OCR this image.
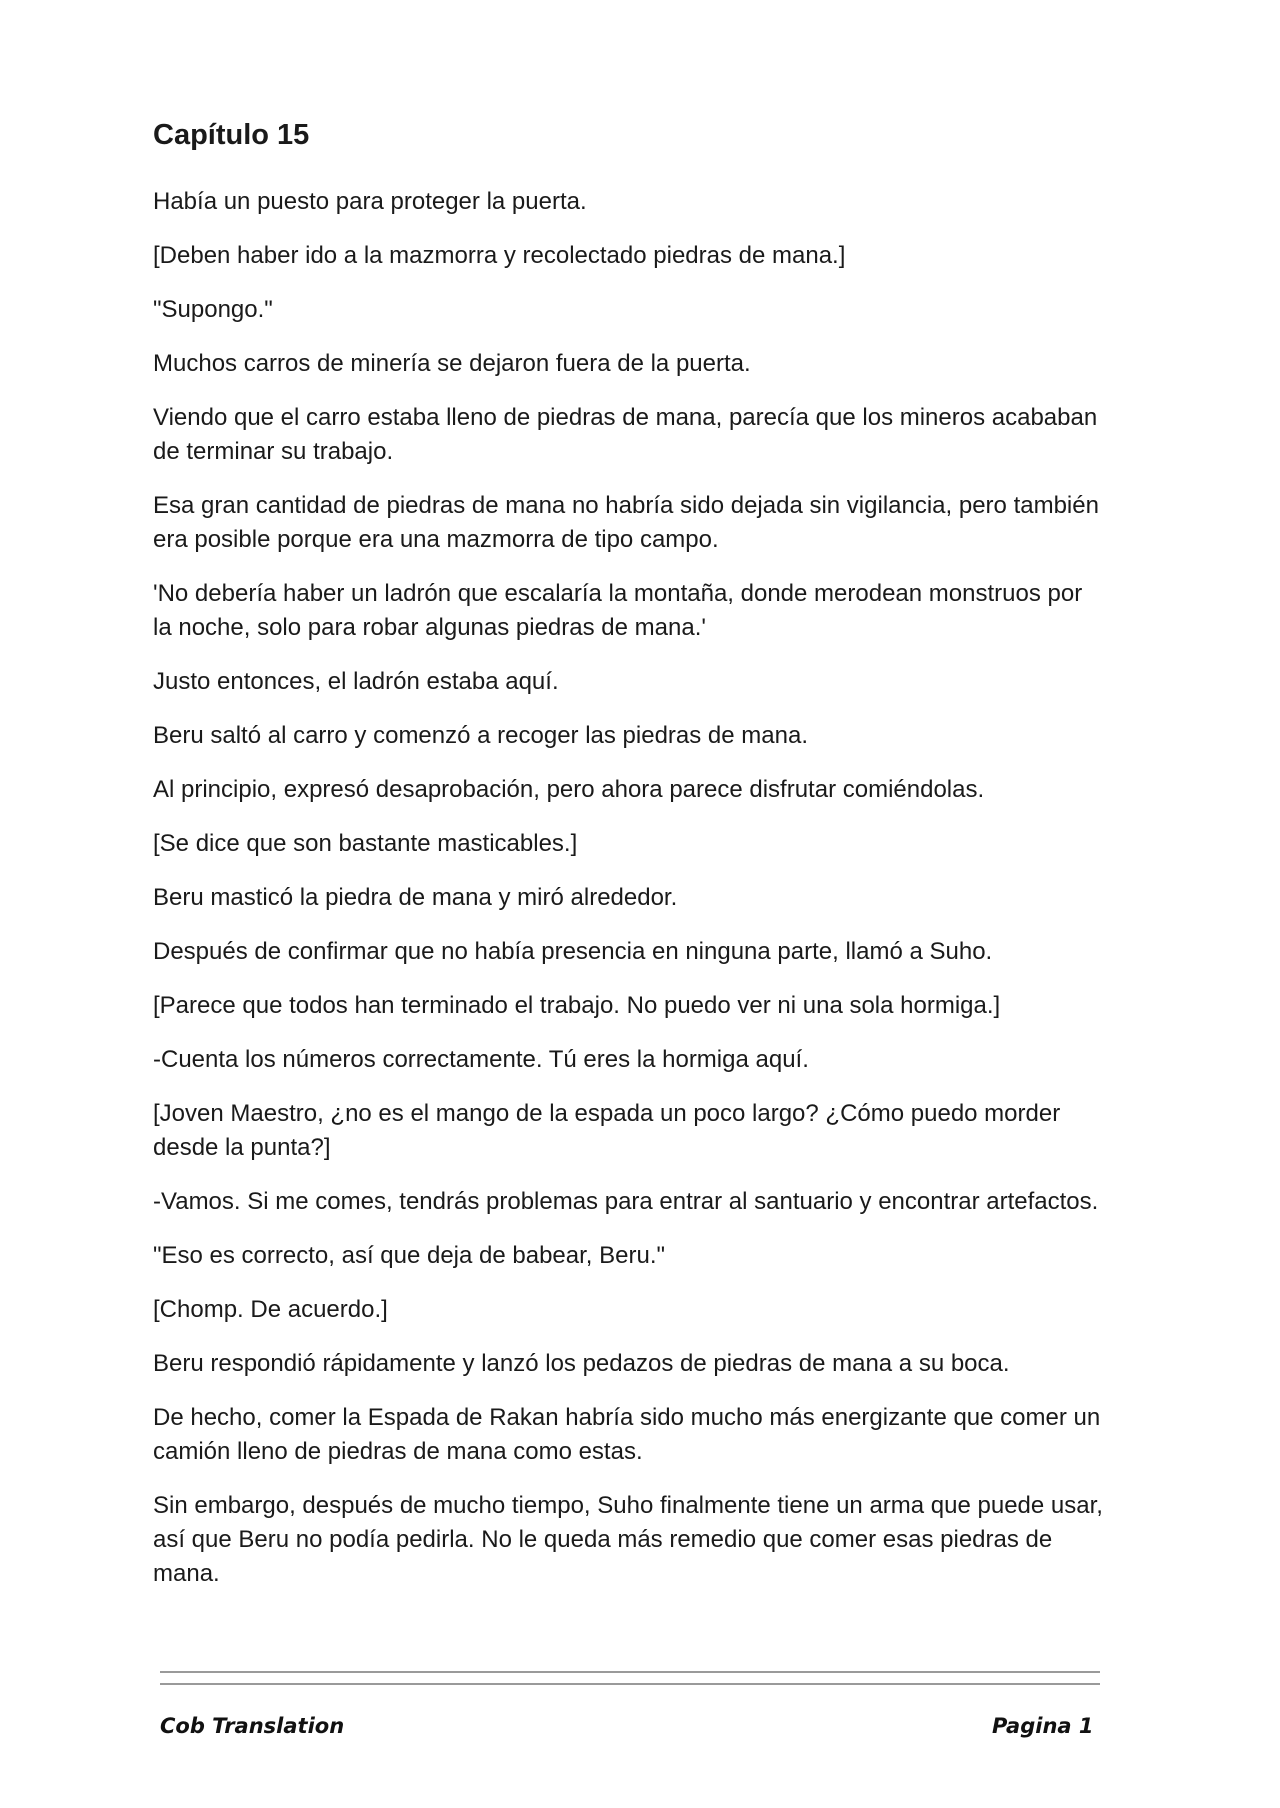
Capítulo 15

Había un puesto para proteger la puerta.

[Deben haber ido a la mazmorra y recolectado piedras de mana.]

"Supongo."

Muchos carros de minería se dejaron fuera de la puerta.

Viendo que el carro estaba lleno de piedras de mana, parecía que los mineros acababan de terminar su trabajo.

Esa gran cantidad de piedras de mana no habría sido dejada sin vigilancia, pero también era posible porque era una mazmorra de tipo campo.

'No debería haber un ladrón que escalaría la montaña, donde merodean monstruos por la noche, solo para robar algunas piedras de mana.'

Justo entonces, el ladrón estaba aquí.

Beru saltó al carro y comenzó a recoger las piedras de mana.

Al principio, expresó desaprobación, pero ahora parece disfrutar comiéndolas.

[Se dice que son bastante masticables.]

Beru masticó la piedra de mana y miró alrededor.

Después de confirmar que no había presencia en ninguna parte, llamó a Suho.

[Parece que todos han terminado el trabajo. No puedo ver ni una sola hormiga.]

-Cuenta los números correctamente. Tú eres la hormiga aquí.

[Joven Maestro, ¿no es el mango de la espada un poco largo? ¿Cómo puedo morder desde la punta?]

-Vamos. Si me comes, tendrás problemas para entrar al santuario y encontrar artefactos.

"Eso es correcto, así que deja de babear, Beru."

[Chomp. De acuerdo.]

Beru respondió rápidamente y lanzó los pedazos de piedras de mana a su boca.

De hecho, comer la Espada de Rakan habría sido mucho más energizante que comer un camión lleno de piedras de mana como estas.

Sin embargo, después de mucho tiempo, Suho finalmente tiene un arma que puede usar, así que Beru no podía pedirla. No le queda más remedio que comer esas piedras de mana.

Cob Translation	Pagina 1
